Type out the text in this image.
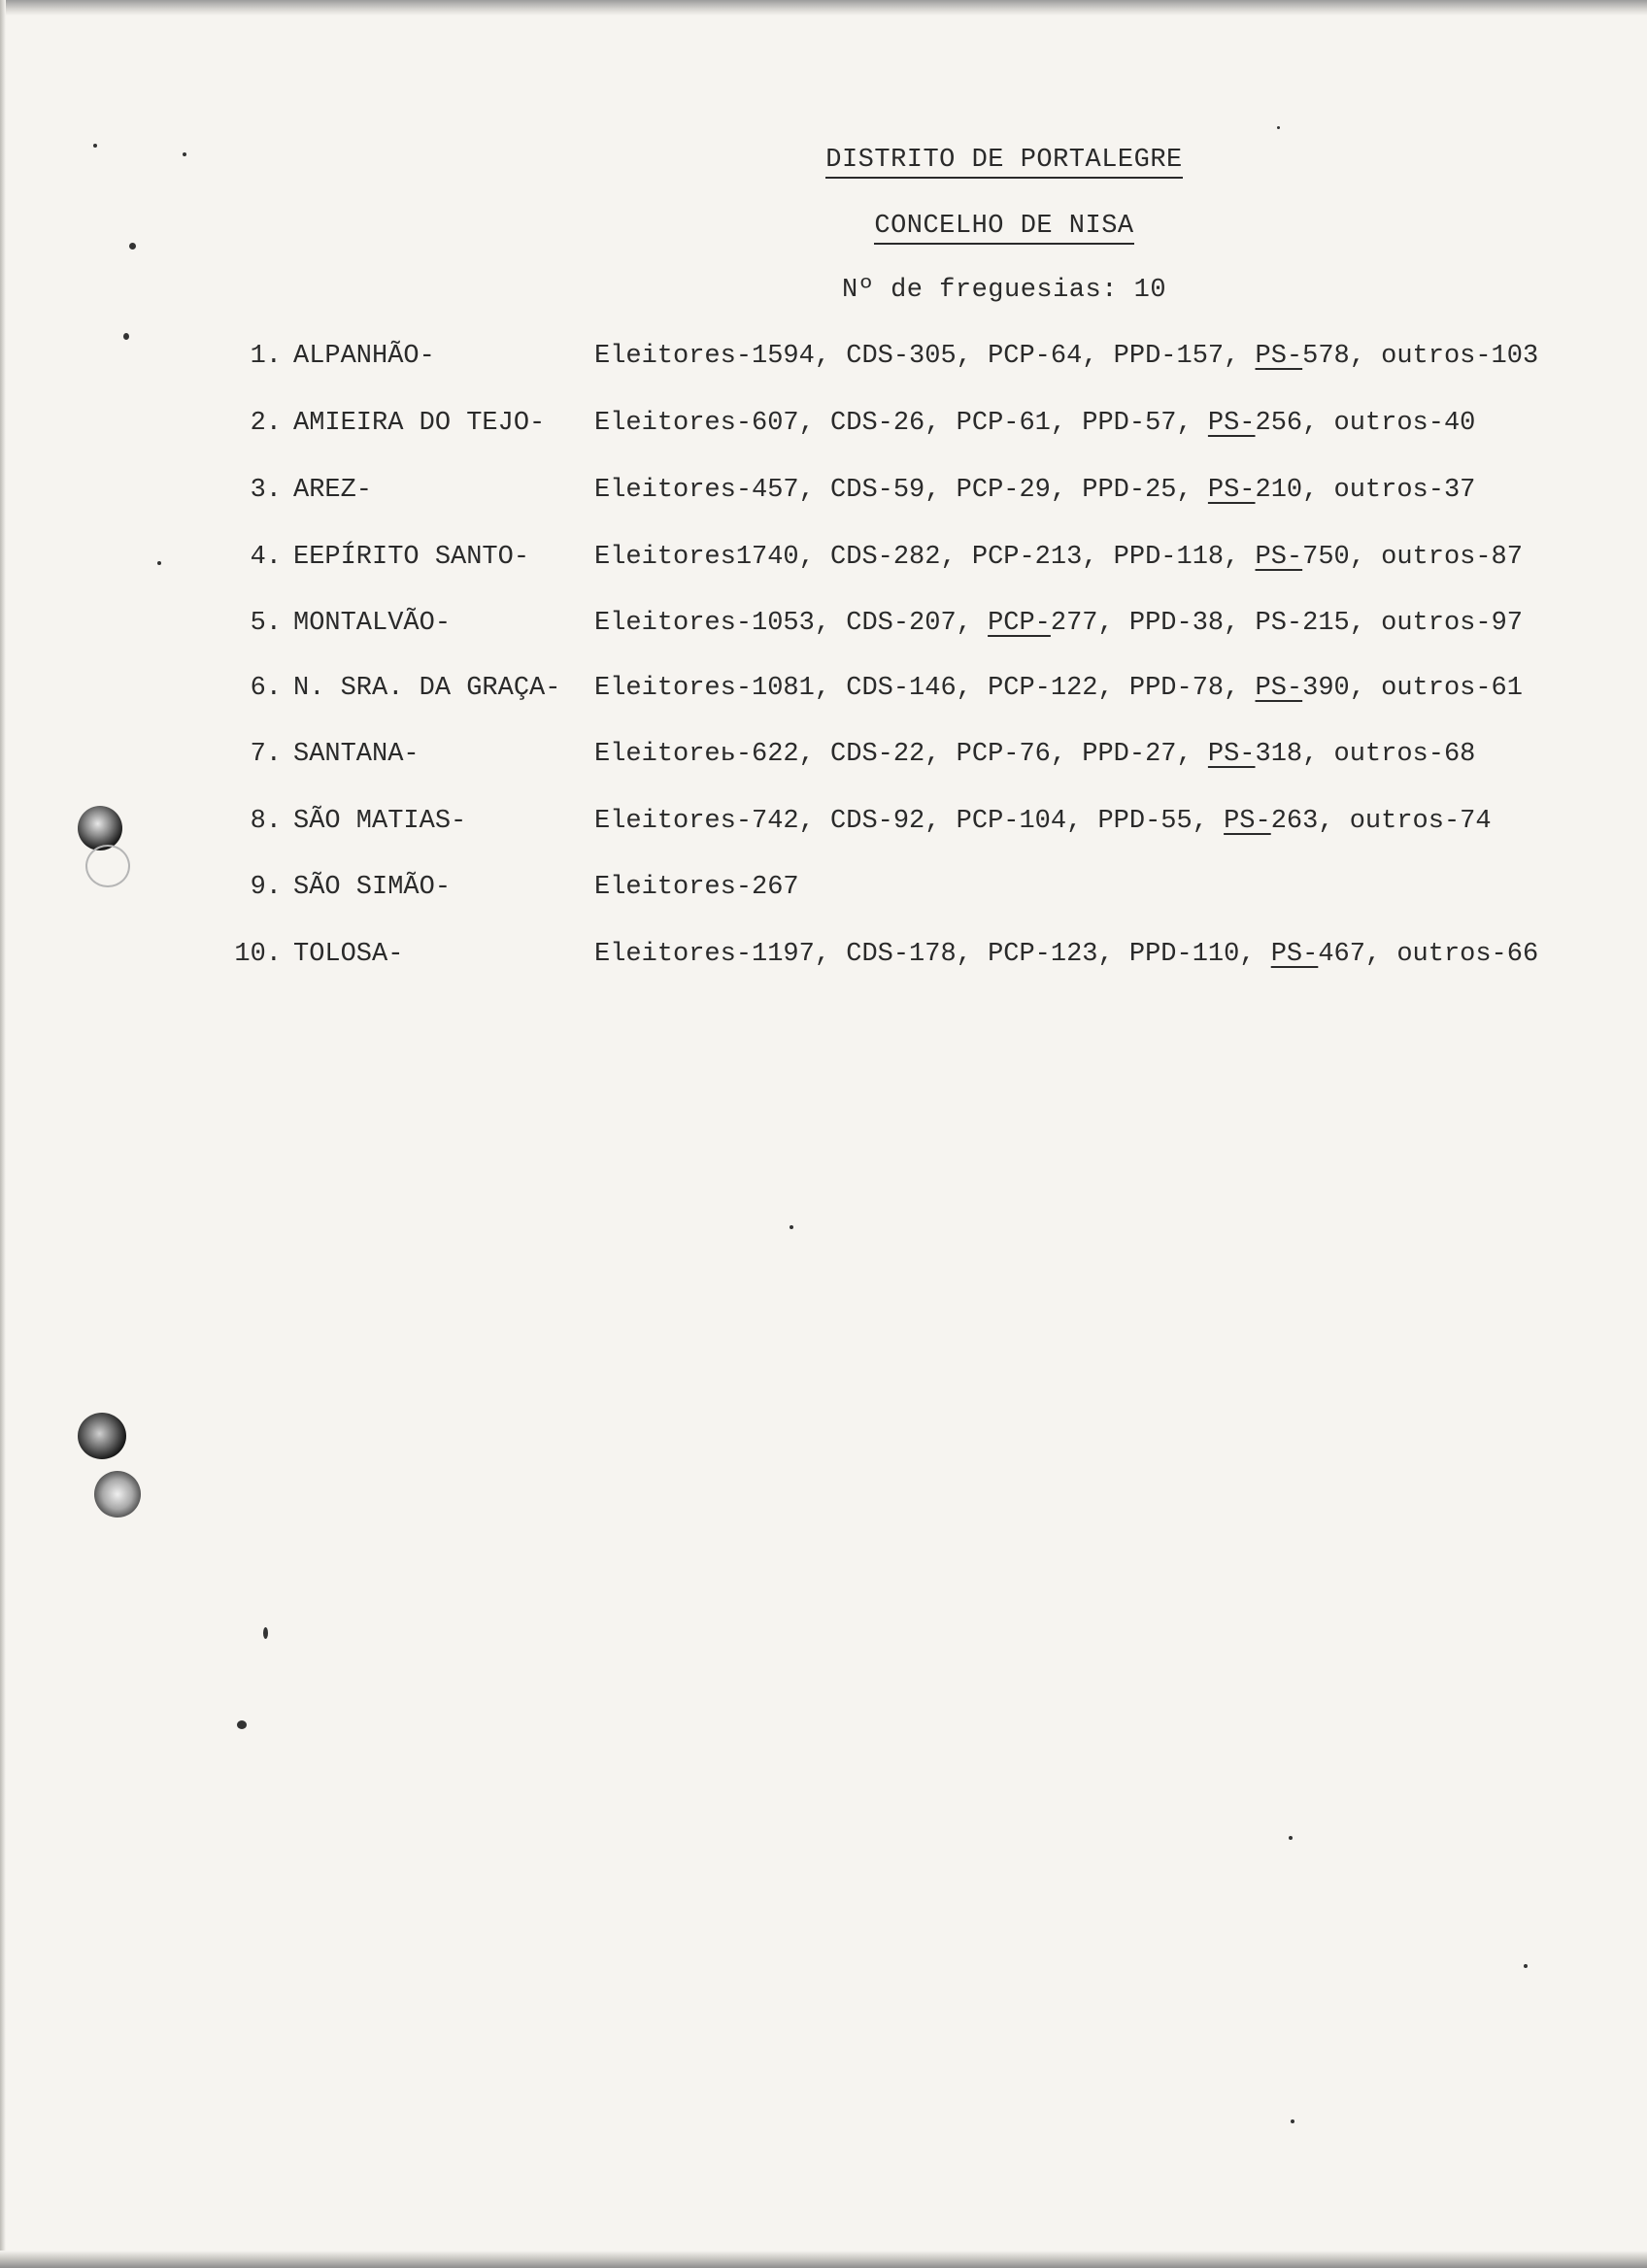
DISTRITO DE PORTALEGRE
CONCELHO DE NISA
Nº de freguesias: 10
1. ALPANHÃO-	Eleitores-1594, CDS-305, PCP-64, PPD-157, PS-578, outros-103
2. AMIEIRA DO TEJO- Eleitores-607, CDS-26, PCP-61, PPD-57, PS-256, outros-40
3. AREZ-	Eleitores-457, CDS-59, PCP-29, PPD-25, PS-210, outros-37
4. EEPÍRITO SANTO- Eleitores1740, CDS-282, PCP-213, PPD-118, PS-750, outros-87
5. MONTALVÃO-	Eleitores-1053, CDS-207, PCP-277, PPD-38, PS-215, outros-97
6. N. SRA. DA GRAÇA- Eleitores-1081, CDS-146, PCP-122, PPD-78, PS-390, outros-61
7. SANTANA-	Eleitoreь-622, CDS-22, PCP-76, PPD-27, PS-318, outros-68
8. SÃO MATIAS-	Eleitores-742, CDS-92, PCP-104, PPD-55, PS-263, outros-74
9. SÃO SIMÃO-	Eleitores-267
10. TOLOSA-	Eleitores-1197, CDS-178, PCP-123, PPD-110, PS-467, outros-66
